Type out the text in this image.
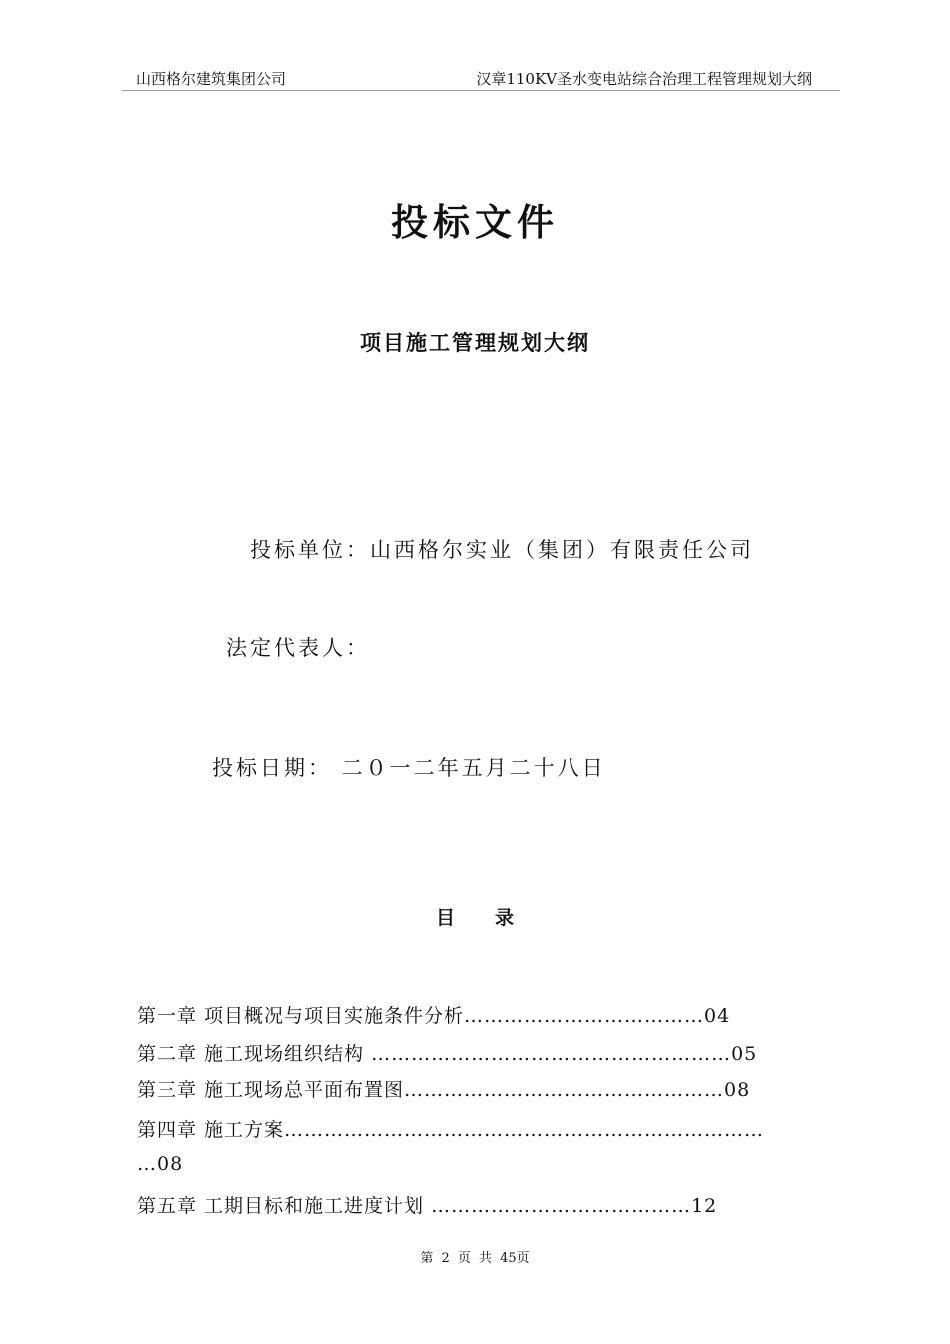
山西格尔建筑集团公司	汉章110KV圣水变电站综合治理工程管理规划大纲
投标文件
项目施工管理规划大纲
投标单位：山西格尔实业（集团）有限责任公司
法定代表人：
投标日期： 二０一二年五月二十八日
目录
第一章 项目概况与项目实施条件分析………………………………04
第二章 施工现场组织结构 ………………………………………………05
第三章 施工现场总平面布置图…………………………………………08
第四章 施工方案………………………………………………………………
…08
第五章 工期目标和施工进度计划 …………………………………12
第 2 页 共 45页
